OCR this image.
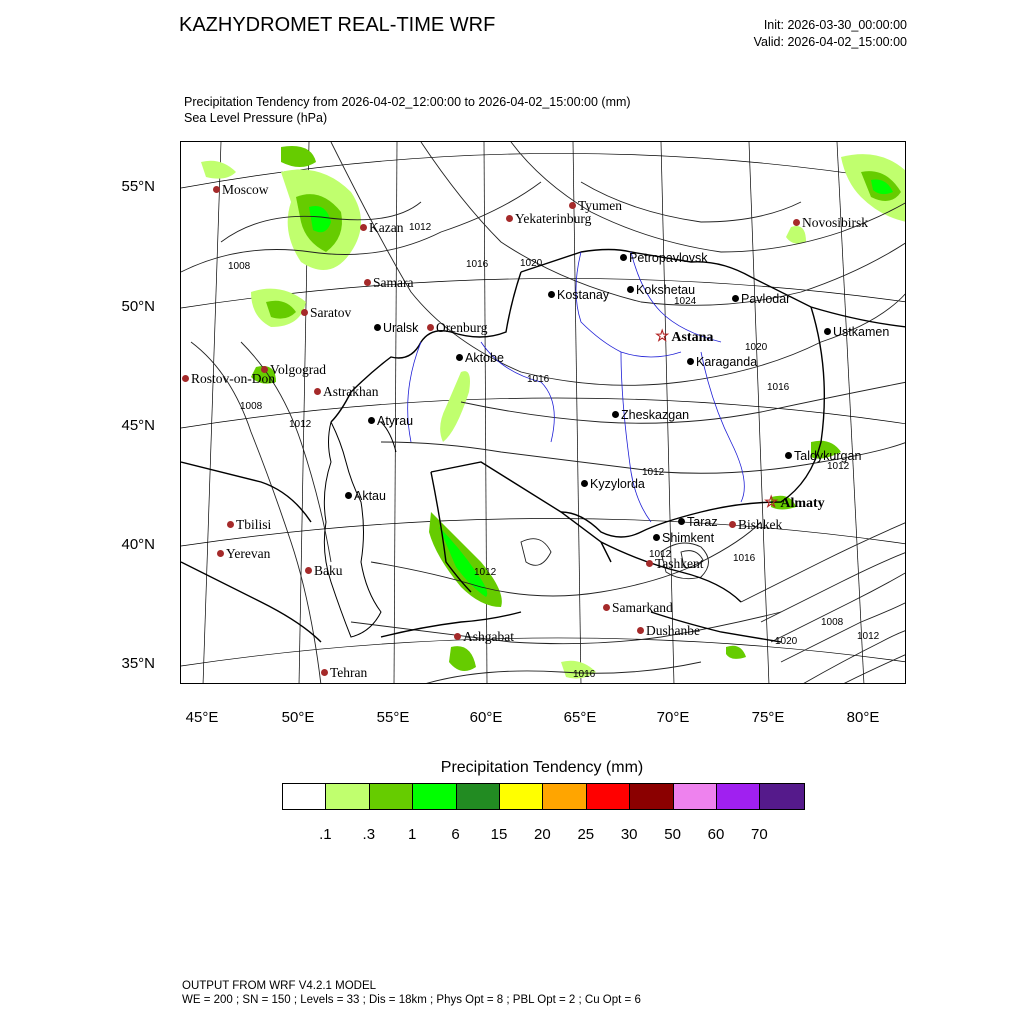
KAZHYDROMET REAL-TIME WRF	Init: 2026-03-30_00:00:00
Valid: 2026-04-02_15:00:00
Precipitation Tendency from 2026-04-02_12:00:00 to 2026-04-02_15:00:00 (mm)
Sea Level Pressure (hPa)
Moscow
Kazan
Samara
Saratov
Volgograd
Rostov-on-Don
Astrakhan
Orenburg
Yekaterinburg
Tyumen
Novosibirsk
Tbilisi
Yerevan
Baku
Ashgabat
Tehran
Bishkek
Tashkent
Samarkand
Dushanbe
Uralsk
Aktobe
Atyrau
Aktau
Kostanay
Petropavlovsk
Kokshetau
Pavlodar
Ustkamen
Karaganda
Zheskazgan
Kyzylorda
Taraz
Shimkent
Taldykurgan
☆ Astana
☆ Almaty
1012
1008	1016	1020
1024
1016
1020
1016
1008
1012
1012
1012
1012
1016
1012
1008
1012
1020
1016
55°N
50°N
45°N
40°N
35°N
45°E	50°E	55°E	60°E	65°E	70°E	75°E	80°E
Precipitation Tendency (mm)
.1 .3 1 6 15 20 25 30 50 60 70
OUTPUT FROM WRF V4.2.1 MODEL
WE = 200 ; SN = 150 ; Levels = 33 ; Dis = 18km ; Phys Opt = 8 ; PBL Opt = 2 ; Cu Opt = 6
